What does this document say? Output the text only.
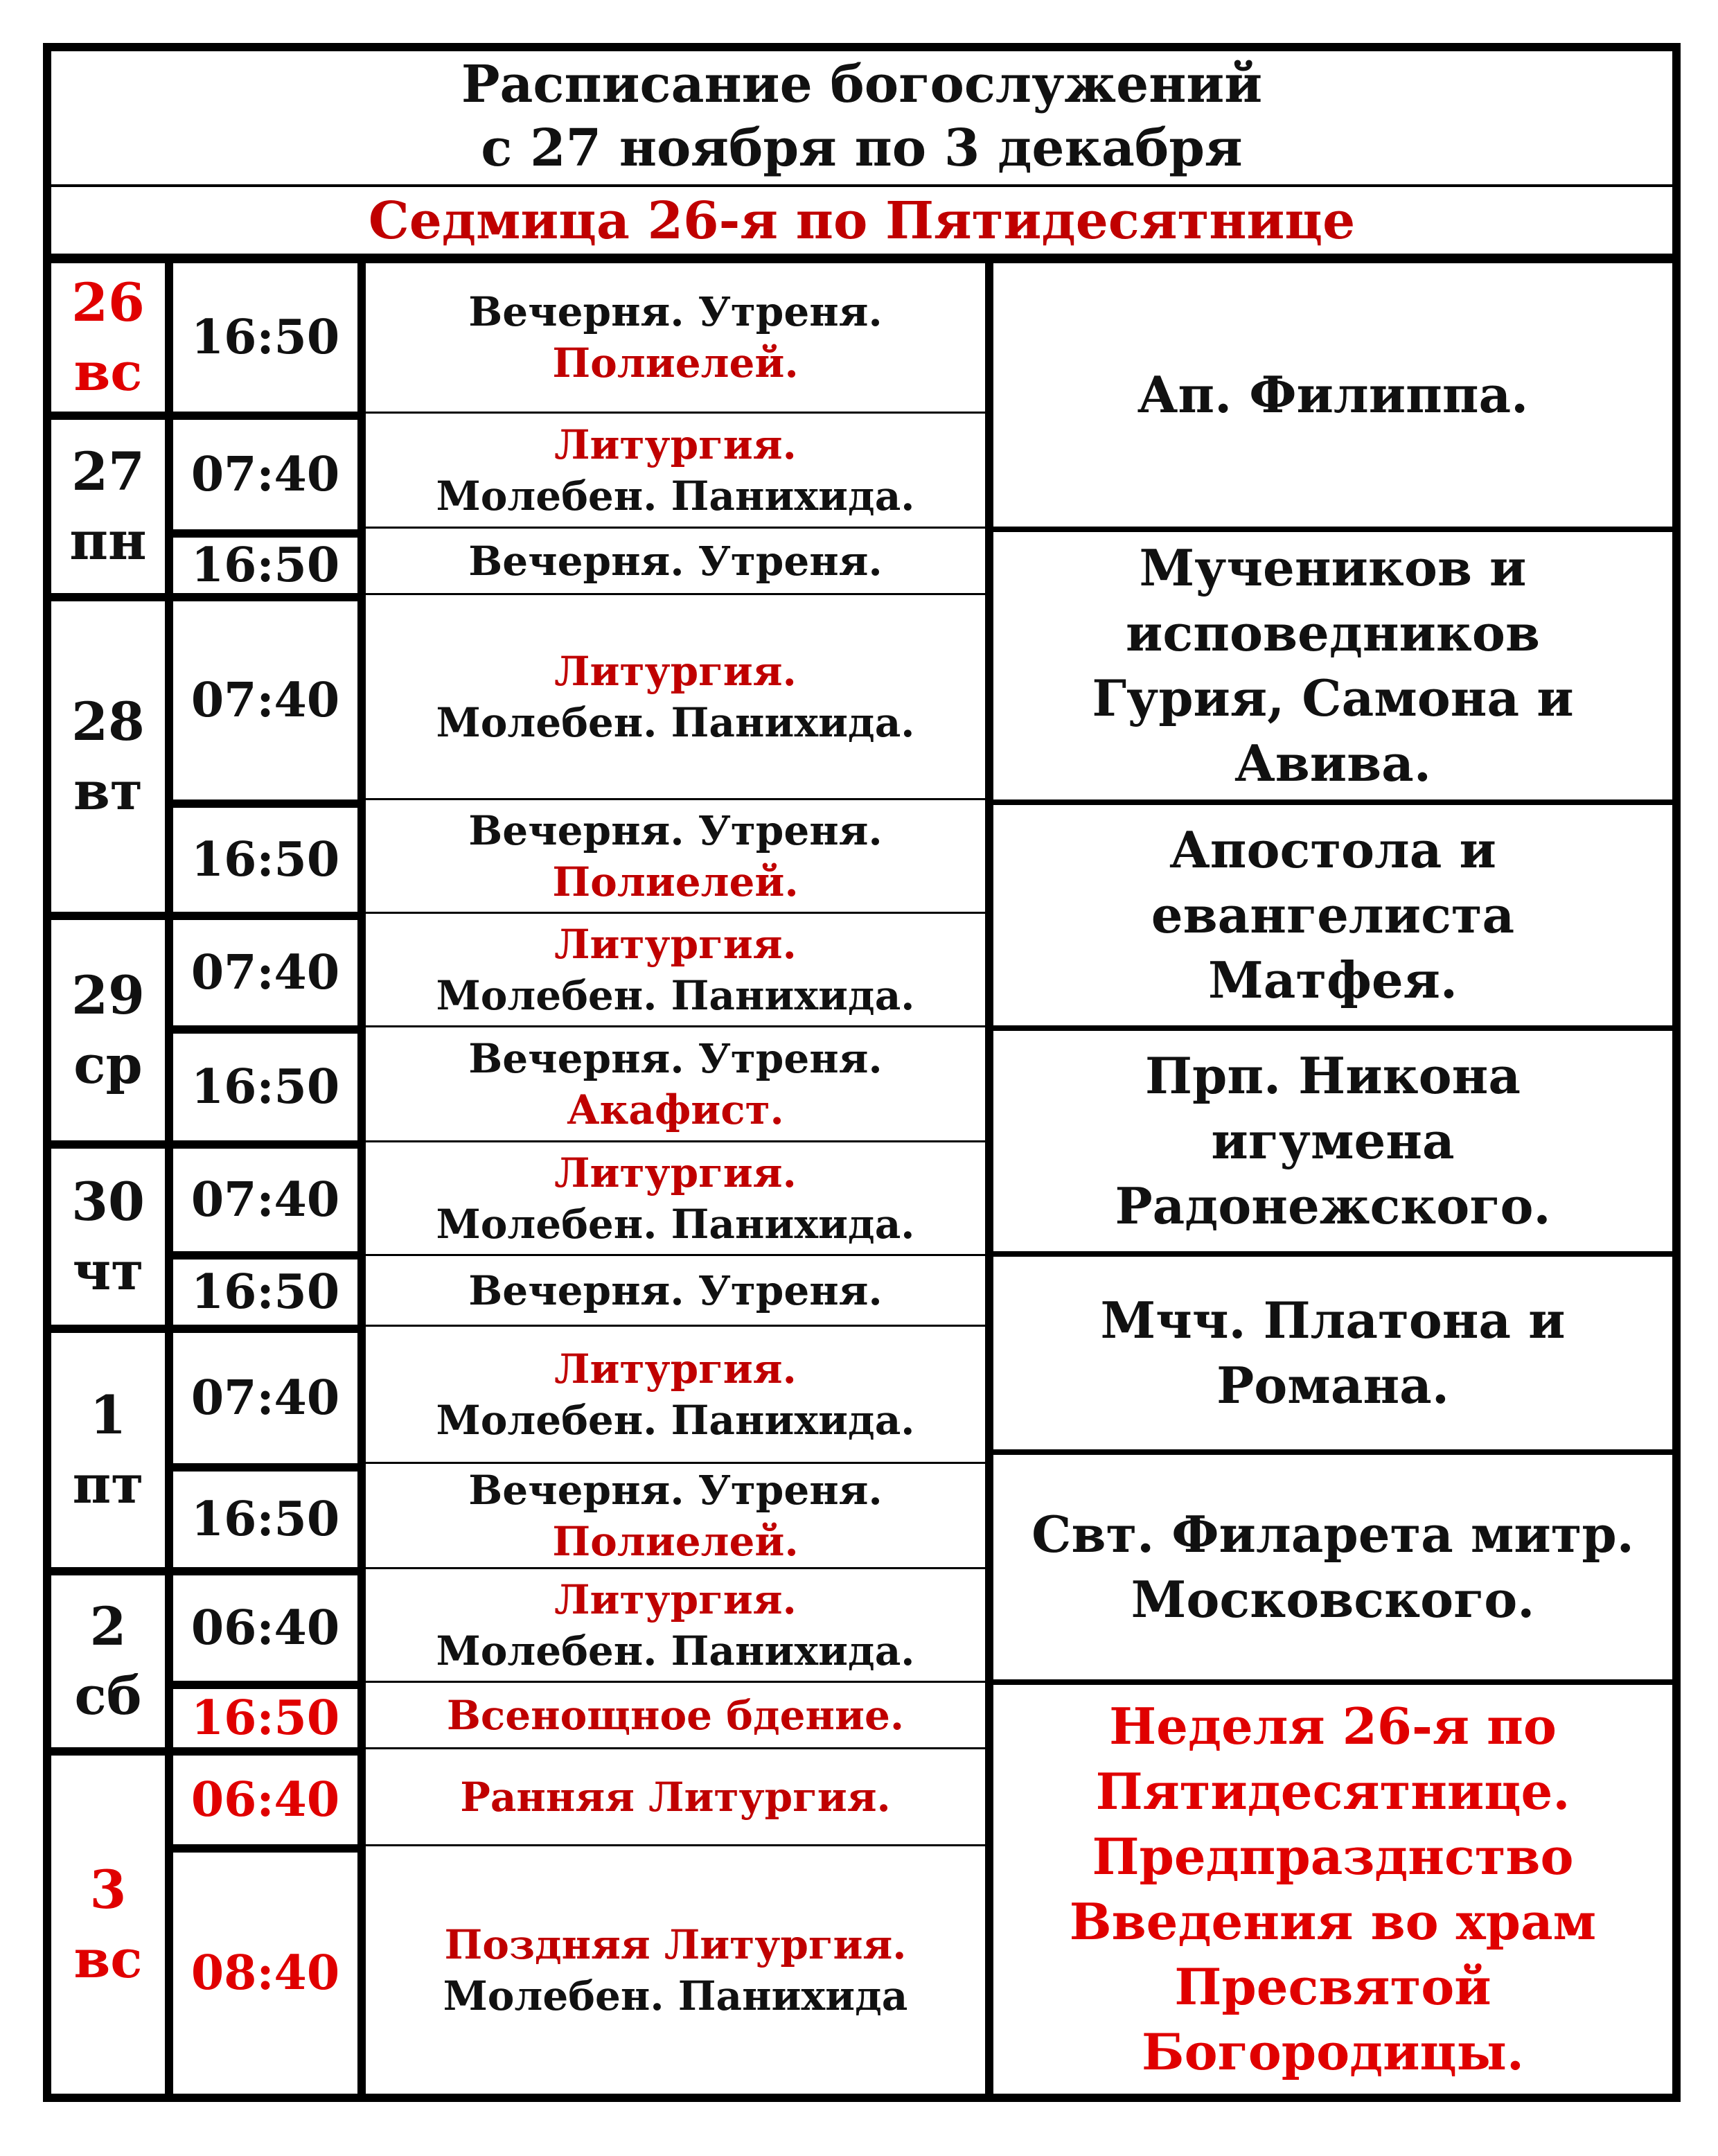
Расписание богослужений
с 27 ноября по 3 декабря
Седмица 26-я по Пятидесятнице
26
вс
27
пн
28
вт
29
ср
30
чт
1
пт
2
сб
3
вс
16:50
07:40
16:50
07:40
16:50
07:40
16:50
07:40
16:50
07:40
16:50
06:40
16:50
06:40
08:40
Вечерня. Утреня.
Полиелей.
Литургия.
Молебен. Панихида.
Вечерня. Утреня.
Литургия.
Молебен. Панихида.
Вечерня. Утреня.
Полиелей.
Литургия.
Молебен. Панихида.
Вечерня. Утреня.
Акафист.
Литургия.
Молебен. Панихида.
Вечерня. Утреня.
Литургия.
Молебен. Панихида.
Вечерня. Утреня.
Полиелей.
Литургия.
Молебен. Панихида.
Всенощное бдение.
Ранняя Литургия.
Поздняя Литургия.
Молебен. Панихида
Ап. Филиппа.
Мучеников и
исповедников
Гурия, Самона и
Авива.
Апостола и
евангелиста
Матфея.
Прп. Никона
игумена
Радонежского.
Мчч. Платона и
Романа.
Свт. Филарета митр.
Московского.
Неделя 26-я по
Пятидесятнице.
Предпразднство
Введения во храм
Пресвятой
Богородицы.
